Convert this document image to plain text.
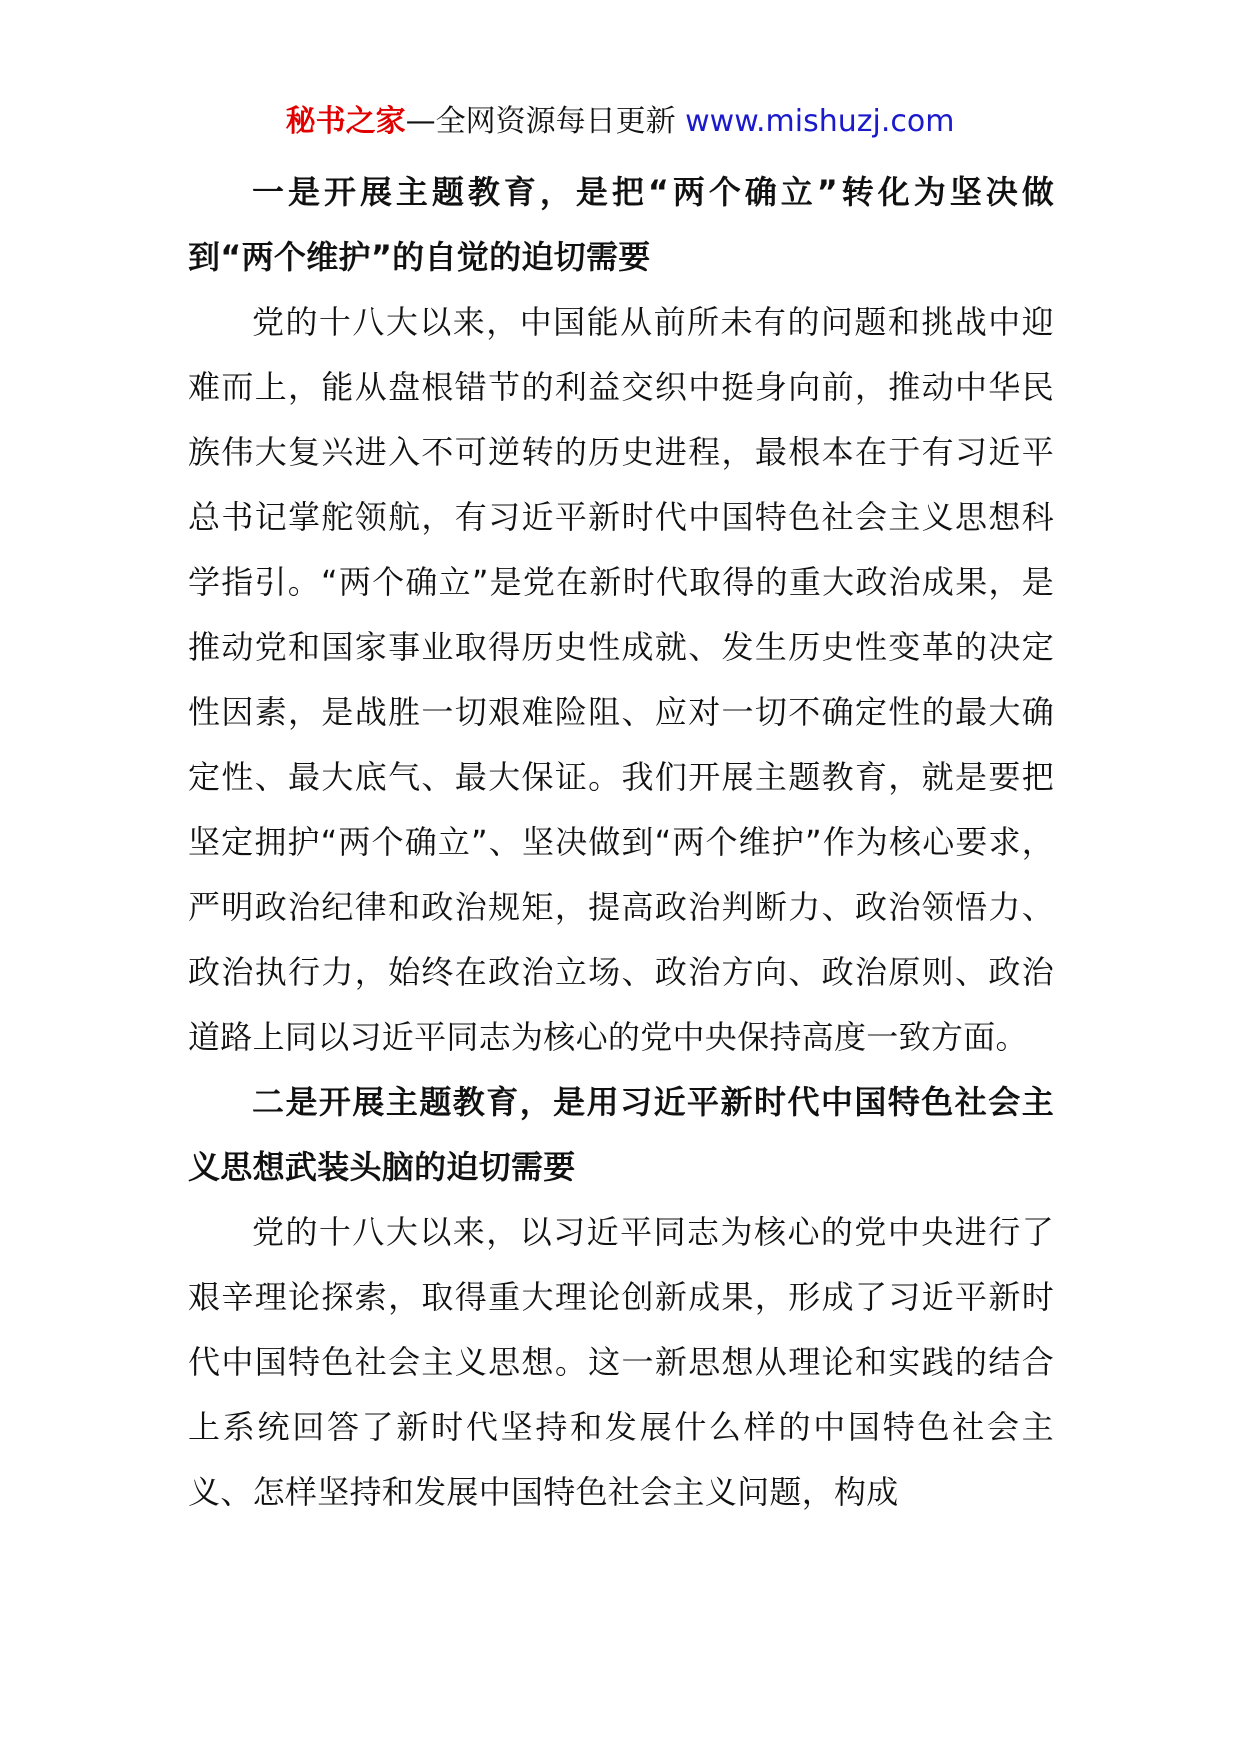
秘书之家—全网资源每日更新 www.mishuzj.com

一是开展主题教育，是把“两个确立”转化为坚决做到“两个维护”的自觉的迫切需要

党的十八大以来，中国能从前所未有的问题和挑战中迎难而上，能从盘根错节的利益交织中挺身向前，推动中华民族伟大复兴进入不可逆转的历史进程，最根本在于有习近平总书记掌舵领航，有习近平新时代中国特色社会主义思想科学指引。“两个确立”是党在新时代取得的重大政治成果，是推动党和国家事业取得历史性成就、发生历史性变革的决定性因素，是战胜一切艰难险阻、应对一切不确定性的最大确定性、最大底气、最大保证。我们开展主题教育，就是要把坚定拥护“两个确立”、坚决做到“两个维护”作为核心要求，严明政治纪律和政治规矩，提高政治判断力、政治领悟力、政治执行力，始终在政治立场、政治方向、政治原则、政治道路上同以习近平同志为核心的党中央保持高度一致方面。

二是开展主题教育，是用习近平新时代中国特色社会主义思想武装头脑的迫切需要

党的十八大以来，以习近平同志为核心的党中央进行了艰辛理论探索，取得重大理论创新成果，形成了习近平新时代中国特色社会主义思想。这一新思想从理论和实践的结合上系统回答了新时代坚持和发展什么样的中国特色社会主义、怎样坚持和发展中国特色社会主义问题，构成
